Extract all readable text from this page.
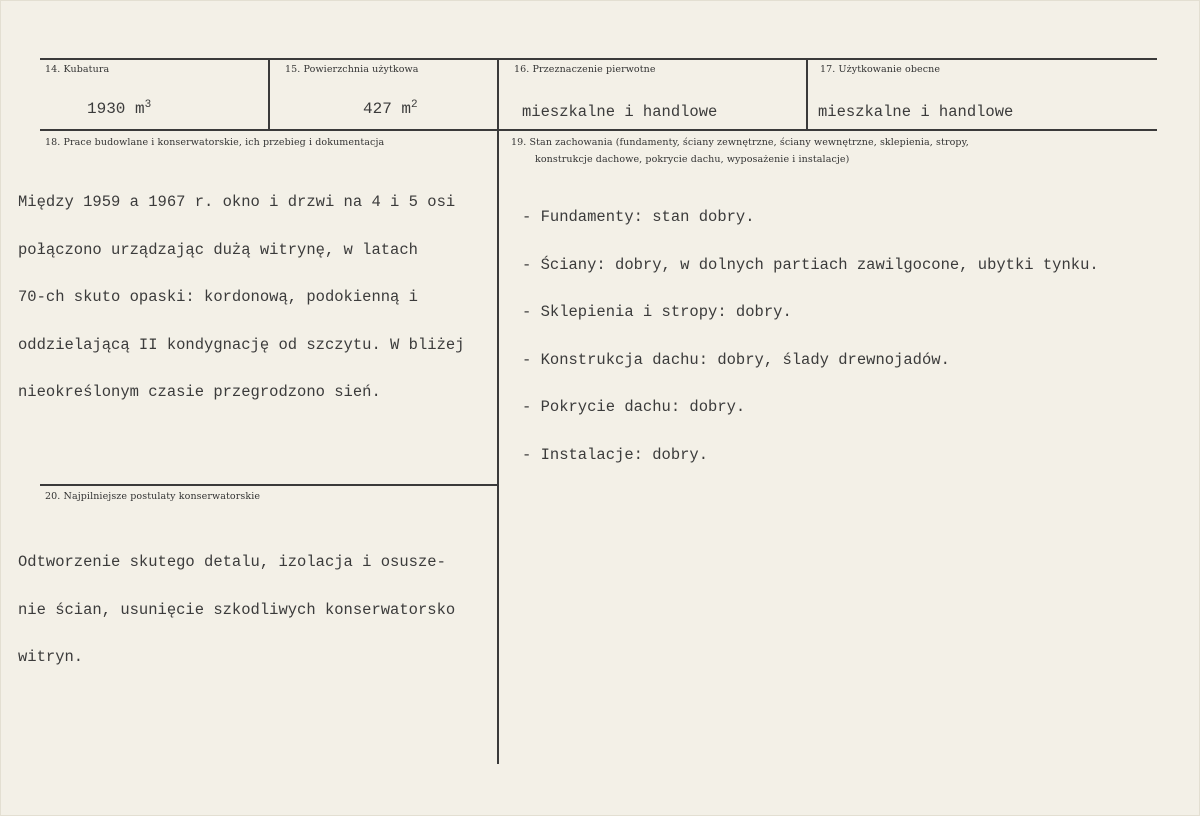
14. Kubatura
1930 $m^3$
15. Powierzchnia użytkowa
427 $m^2$
16. Przeznaczenie pierwotne
mieszkalne i handlowe
17. Użytkowanie obecne
mieszkalne i handlowe
18. Prace budowlane i konserwatorskie, ich przebieg i dokumentacja

Między 1959 a 1967 r. okno i drzwi na 4 i 5 osi

połączono urządzając dużą witrynę, w latach

70-ch skuto opaski: kordonową, podokienną i

oddzielającą II kondygnację od szczytu. W bliżej

nieokreślonym czasie przegrodzono sień.

19. Stan zachowania (fundamenty, ściany zewnętrzne, ściany wewnętrzne, sklepienia, stropy,
konstrukcje dachowe, pokrycie dachu, wyposażenie i instalacje)

- Fundamenty: stan dobry.

- Ściany: dobry, w dolnych partiach zawilgocone, ubytki tynku.

- Sklepienia i stropy: dobry.

- Konstrukcja dachu: dobry, ślady drewnojadów.

- Pokrycie dachu: dobry.

- Instalacje: dobry.

20. Najpilniejsze postulaty konserwatorskie

Odtworzenie skutego detalu, izolacja i osusze-

nie ścian, usunięcie szkodliwych konserwatorsko

witryn.
